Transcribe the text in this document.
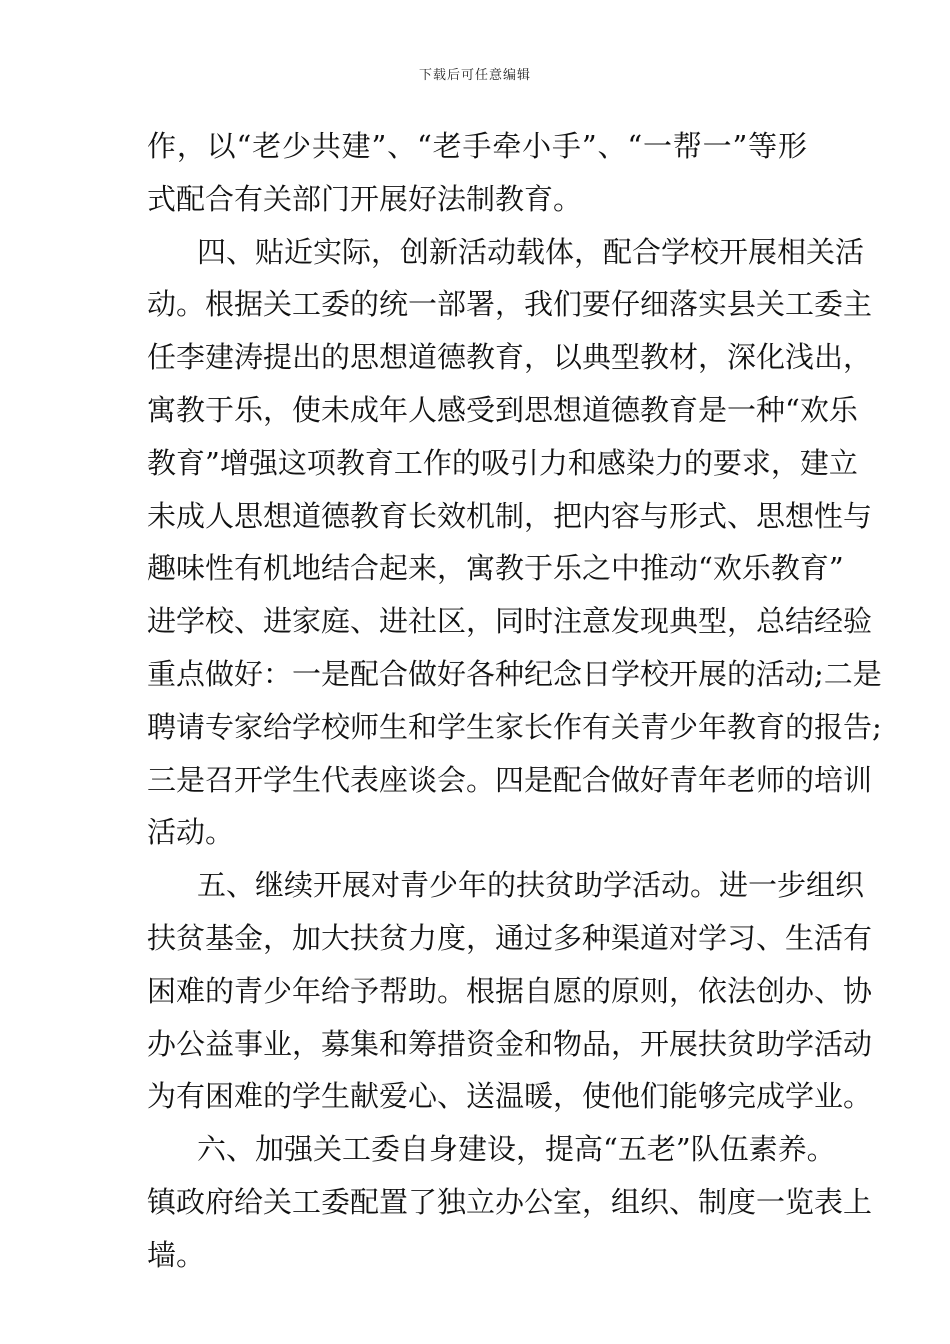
下载后可任意编辑
作，以“老少共建”、“老手牵小手”、“一帮一”等形
式配合有关部门开展好法制教育。
四、贴近实际，创新活动载体，配合学校开展相关活
动。根据关工委的统一部署，我们要仔细落实县关工委主
任李建涛提出的思想道德教育，以典型教材，深化浅出，
寓教于乐，使未成年人感受到思想道德教育是一种“欢乐
教育”增强这项教育工作的吸引力和感染力的要求，建立
未成人思想道德教育长效机制，把内容与形式、思想性与
趣味性有机地结合起来，寓教于乐之中推动“欢乐教育”
进学校、进家庭、进社区，同时注意发现典型，总结经验
重点做好：一是配合做好各种纪念日学校开展的活动;二是
聘请专家给学校师生和学生家长作有关青少年教育的报告;
三是召开学生代表座谈会。四是配合做好青年老师的培训
活动。
五、继续开展对青少年的扶贫助学活动。进一步组织
扶贫基金，加大扶贫力度，通过多种渠道对学习、生活有
困难的青少年给予帮助。根据自愿的原则，依法创办、协
办公益事业，募集和筹措资金和物品，开展扶贫助学活动
为有困难的学生献爱心、送温暖，使他们能够完成学业。
六、加强关工委自身建设，提高“五老”队伍素养。
镇政府给关工委配置了独立办公室，组织、制度一览表上
墙。
